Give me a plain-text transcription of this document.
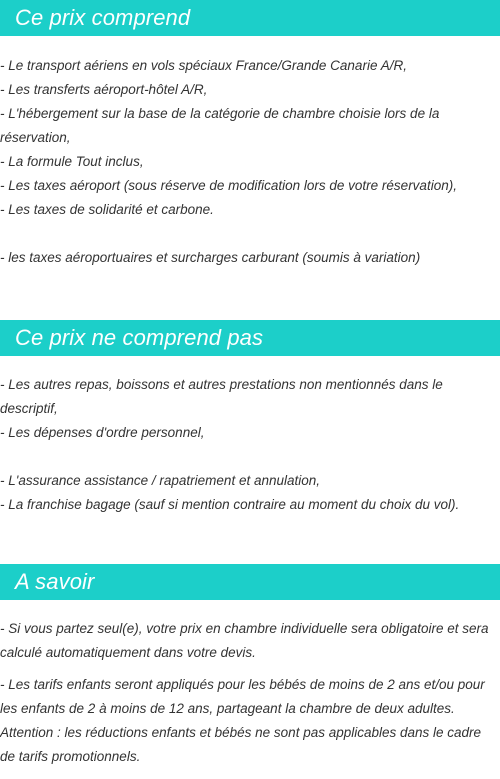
Ce prix comprend
- Le transport aériens en vols spéciaux France/Grande Canarie A/R,
- Les transferts aéroport-hôtel A/R,
- L'hébergement sur la base de la catégorie de chambre choisie lors de la réservation,
- La formule Tout inclus,
- Les taxes aéroport (sous réserve de modification lors de votre réservation),
- Les taxes de solidarité et carbone.
- les taxes aéroportuaires et surcharges carburant (soumis à variation)
Ce prix ne comprend pas
- Les autres repas, boissons et autres prestations non mentionnés dans le descriptif,
- Les dépenses d'ordre personnel,
- L'assurance assistance / rapatriement et annulation,
- La franchise bagage (sauf si mention contraire au moment du choix du vol).
A savoir
- Si vous partez seul(e), votre prix en chambre individuelle sera obligatoire et sera calculé automatiquement dans votre devis.
- Les tarifs enfants seront appliqués pour les bébés de moins de 2 ans et/ou pour les enfants de 2 à moins de 12 ans, partageant la chambre de deux adultes. Attention : les réductions enfants et bébés ne sont pas applicables dans le cadre de tarifs promotionnels.
